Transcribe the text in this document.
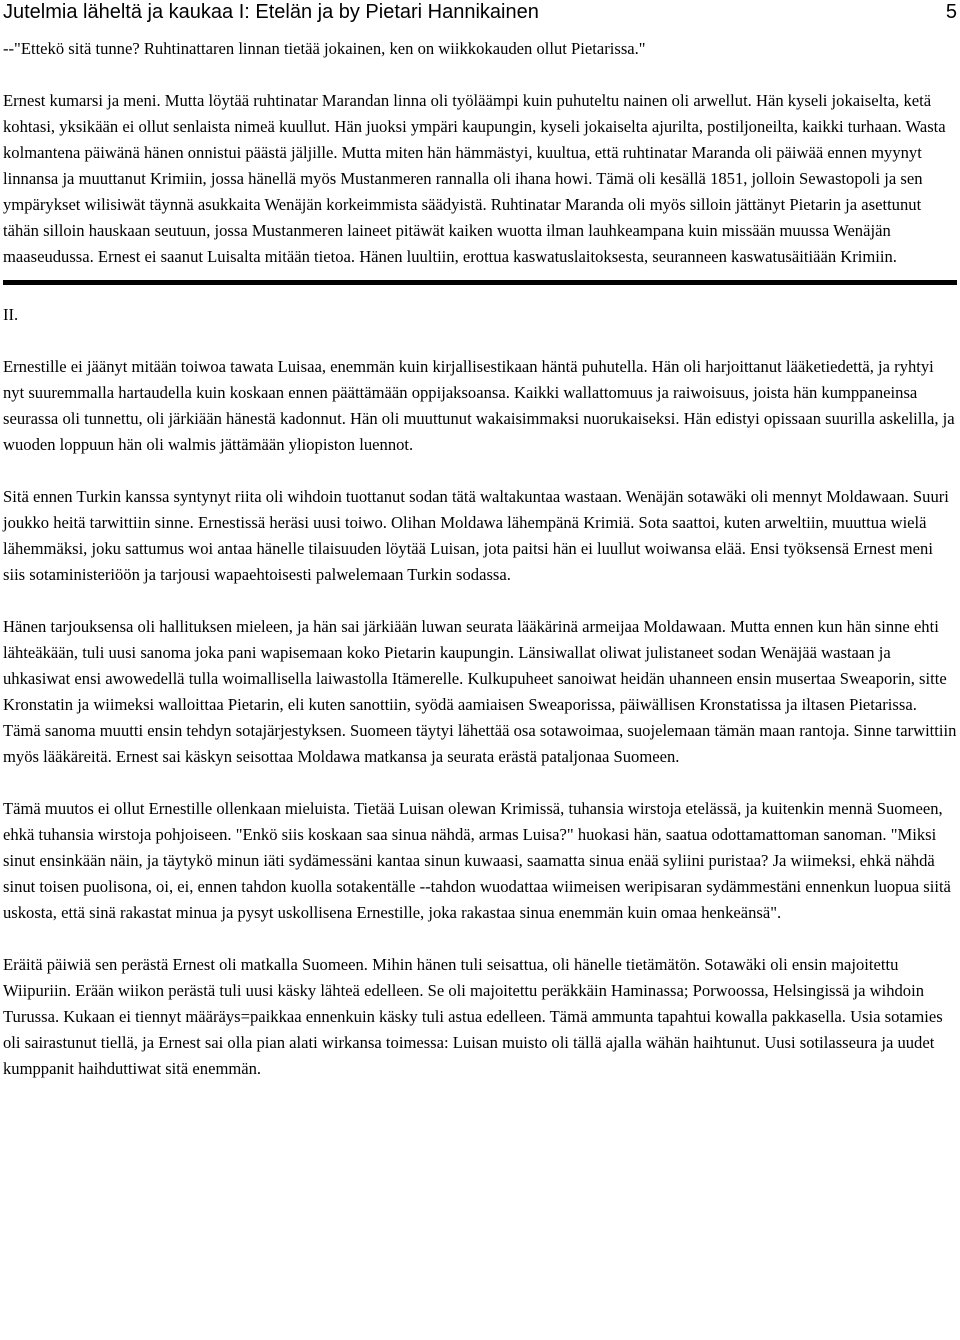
Jutelmia läheltä ja kaukaa I: Etelän ja by Pietari Hannikainen	5

--"Ettekö sitä tunne? Ruhtinattaren linnan tietää jokainen, ken on wiikkokauden ollut Pietarissa."

Ernest kumarsi ja meni. Mutta löytää ruhtinatar Marandan linna oli työläämpi kuin puhuteltu nainen oli arwellut. Hän kyseli jokaiselta, ketä kohtasi, yksikään ei ollut senlaista nimeä kuullut. Hän juoksi ympäri kaupungin, kyseli jokaiselta ajurilta, postiljoneilta, kaikki turhaan. Wasta kolmantena päiwänä hänen onnistui päästä jäljille. Mutta miten hän hämmästyi, kuultua, että ruhtinatar Maranda oli päiwää ennen myynyt linnansa ja muuttanut Krimiin, jossa hänellä myös Mustanmeren rannalla oli ihana howi. Tämä oli kesällä 1851, jolloin Sewastopoli ja sen ympärykset wilisiwät täynnä asukkaita Wenäjän korkeimmista säädyistä. Ruhtinatar Maranda oli myös silloin jättänyt Pietarin ja asettunut tähän silloin hauskaan seutuun, jossa Mustanmeren laineet pitäwät kaiken wuotta ilman lauhkeampana kuin missään muussa Wenäjän maaseudussa. Ernest ei saanut Luisalta mitään tietoa. Hänen luultiin, erottua kaswatuslaitoksesta, seuranneen kaswatusäitiään Krimiin.

II.

Ernestille ei jäänyt mitään toiwoa tawata Luisaa, enemmän kuin kirjallisestikaan häntä puhutella. Hän oli harjoittanut lääketiedettä, ja ryhtyi nyt suuremmalla hartaudella kuin koskaan ennen päättämään oppijaksoansa. Kaikki wallattomuus ja raiwoisuus, joista hän kumppaneinsa seurassa oli tunnettu, oli järkiään hänestä kadonnut. Hän oli muuttunut wakaisimmaksi nuorukaiseksi. Hän edistyi opissaan suurilla askelilla, ja wuoden loppuun hän oli walmis jättämään yliopiston luennot.

Sitä ennen Turkin kanssa syntynyt riita oli wihdoin tuottanut sodan tätä waltakuntaa wastaan. Wenäjän sotawäki oli mennyt Moldawaan. Suuri joukko heitä tarwittiin sinne. Ernestissä heräsi uusi toiwo. Olihan Moldawa lähempänä Krimiä. Sota saattoi, kuten arweltiin, muuttua wielä lähemmäksi, joku sattumus woi antaa hänelle tilaisuuden löytää Luisan, jota paitsi hän ei luullut woiwansa elää. Ensi työksensä Ernest meni siis sotaministeriöön ja tarjousi wapaehtoisesti palwelemaan Turkin sodassa.

Hänen tarjouksensa oli hallituksen mieleen, ja hän sai järkiään luwan seurata lääkärinä armeijaa Moldawaan. Mutta ennen kun hän sinne ehti lähteäkään, tuli uusi sanoma joka pani wapisemaan koko Pietarin kaupungin. Länsiwallat oliwat julistaneet sodan Wenäjää wastaan ja uhkasiwat ensi awowedellä tulla woimallisella laiwastolla Itämerelle. Kulkupuheet sanoiwat heidän uhanneen ensin musertaa Sweaporin, sitte Kronstatin ja wiimeksi walloittaa Pietarin, eli kuten sanottiin, syödä aamiaisen Sweaporissa, päiwällisen Kronstatissa ja iltasen Pietarissa. Tämä sanoma muutti ensin tehdyn sotajärjestyksen. Suomeen täytyi lähettää osa sotawoimaa, suojelemaan tämän maan rantoja. Sinne tarwittiin myös lääkäreitä. Ernest sai käskyn seisottaa Moldawa matkansa ja seurata erästä pataljonaa Suomeen.

Tämä muutos ei ollut Ernestille ollenkaan mieluista. Tietää Luisan olewan Krimissä, tuhansia wirstoja etelässä, ja kuitenkin mennä Suomeen, ehkä tuhansia wirstoja pohjoiseen. "Enkö siis koskaan saa sinua nähdä, armas Luisa?" huokasi hän, saatua odottamattoman sanoman. "Miksi sinut ensinkään näin, ja täytykö minun iäti sydämessäni kantaa sinun kuwaasi, saamatta sinua enää syliini puristaa? Ja wiimeksi, ehkä nähdä sinut toisen puolisona, oi, ei, ennen tahdon kuolla sotakentälle --tahdon wuodattaa wiimeisen weripisaran sydämmestäni ennenkun luopua siitä uskosta, että sinä rakastat minua ja pysyt uskollisena Ernestille, joka rakastaa sinua enemmän kuin omaa henkeänsä".

Eräitä päiwiä sen perästä Ernest oli matkalla Suomeen. Mihin hänen tuli seisattua, oli hänelle tietämätön. Sotawäki oli ensin majoitettu Wiipuriin. Erään wiikon perästä tuli uusi käsky lähteä edelleen. Se oli majoitettu peräkkäin Haminassa; Porwoossa, Helsingissä ja wihdoin Turussa. Kukaan ei tiennyt määräys=paikkaa ennenkuin käsky tuli astua edelleen. Tämä ammunta tapahtui kowalla pakkasella. Usia sotamies oli sairastunut tiellä, ja Ernest sai olla pian alati wirkansa toimessa: Luisan muisto oli tällä ajalla wähän haihtunut. Uusi sotilasseura ja uudet kumppanit haihduttiwat sitä enemmän.
